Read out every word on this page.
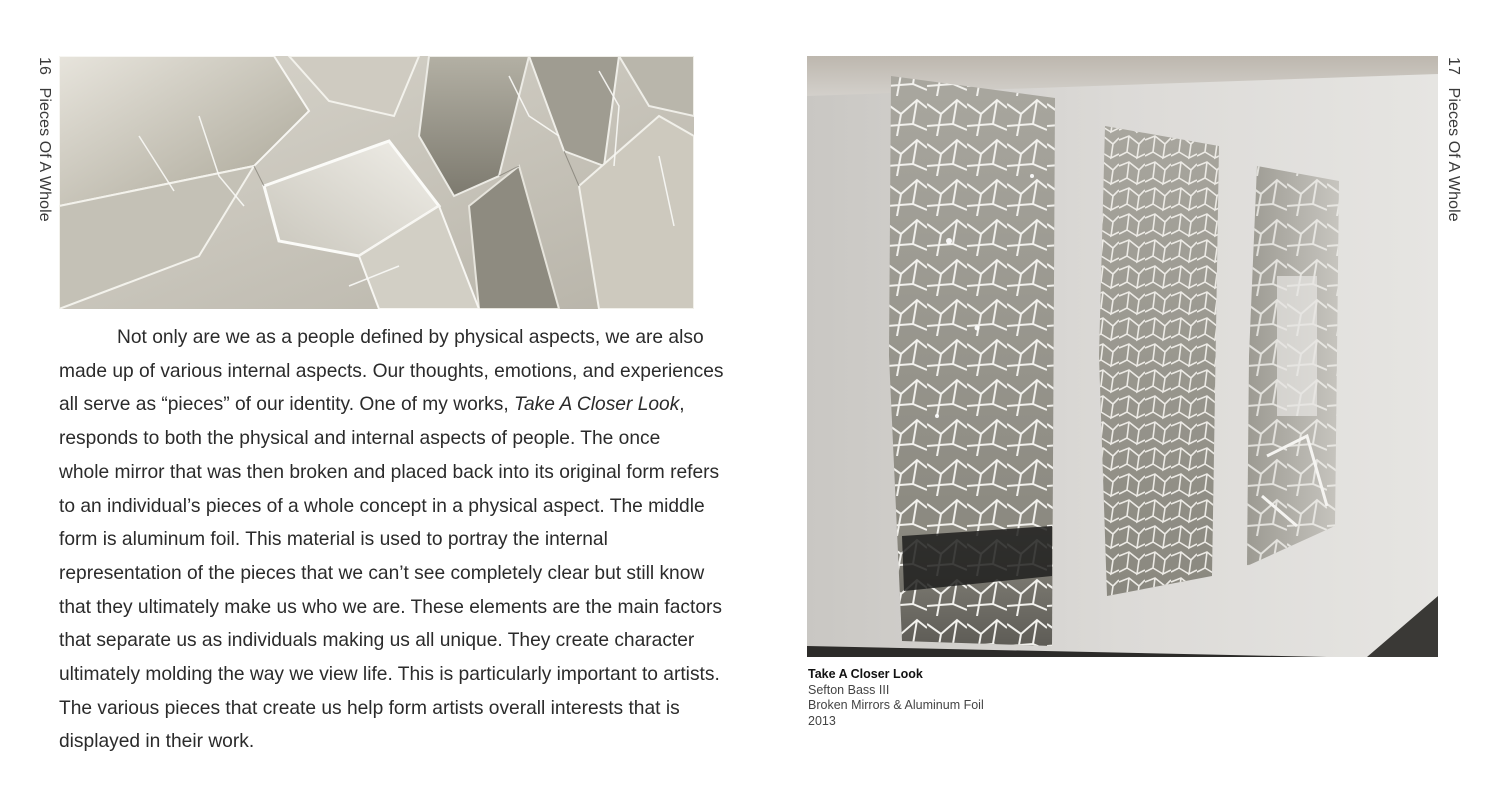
16 Pieces Of A Whole
Not only are we as a people defined by physical aspects, we are also
made up of various internal aspects. Our thoughts, emotions, and experiences
all serve as “pieces” of our identity. One of my works, Take A Closer Look,
responds to both the physical and internal aspects of people. The once
whole mirror that was then broken and placed back into its original form refers
to an individual’s pieces of a whole concept in a physical aspect. The middle
form is aluminum foil. This material is used to portray the internal
representation of the pieces that we can’t see completely clear but still know
that they ultimately make us who we are. These elements are the main factors
that separate us as individuals making us all unique. They create character
ultimately molding the way we view life. This is particularly important to artists.
The various pieces that create us help form artists overall interests that is
displayed in their work.
Take A Closer Look
Sefton Bass III
Broken Mirrors & Aluminum Foil
2013
17 Pieces Of A Whole
